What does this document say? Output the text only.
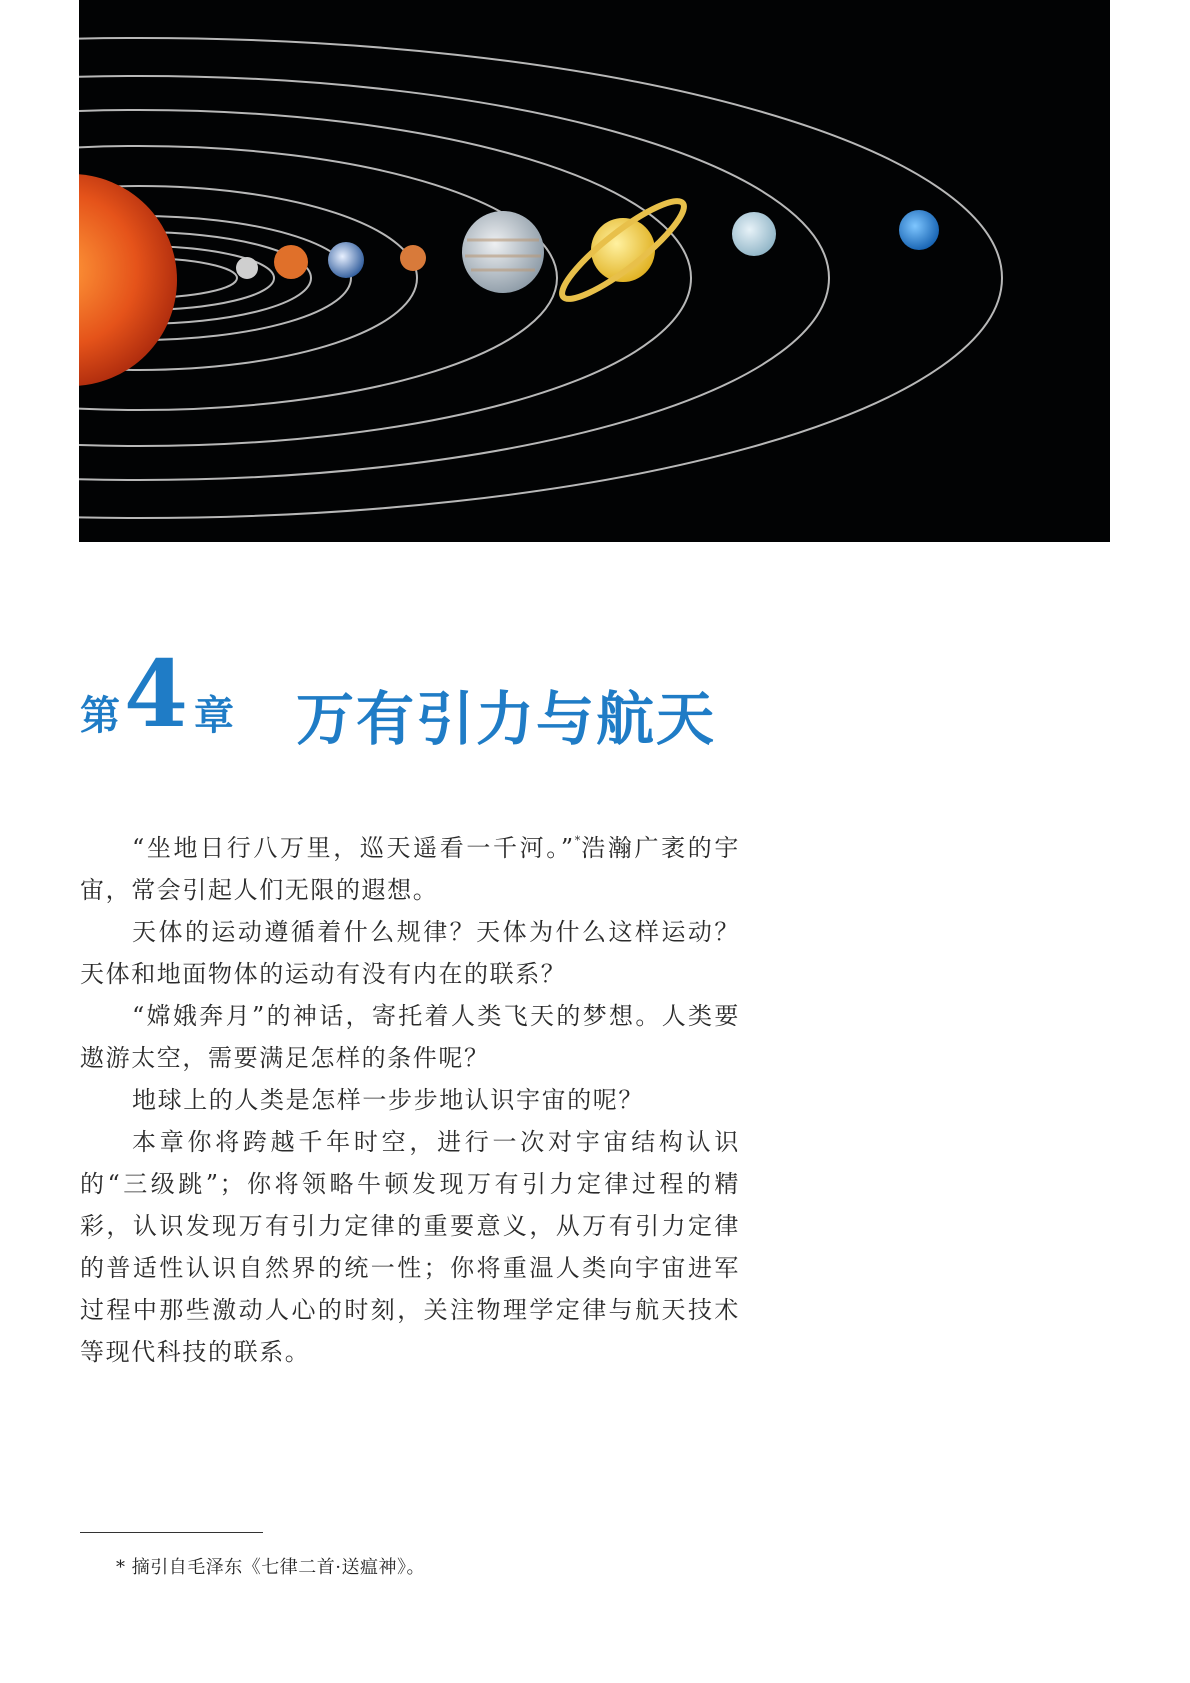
第 4 章 万有引力与航天

“坐地日行八万里，巡天遥看一千河。”*浩瀚广袤的宇宙，常会引起人们无限的遐想。

天体的运动遵循着什么规律？天体为什么这样运动？天体和地面物体的运动有没有内在的联系？

“嫦娥奔月”的神话，寄托着人类飞天的梦想。人类要遨游太空，需要满足怎样的条件呢？

地球上的人类是怎样一步步地认识宇宙的呢？

本章你将跨越千年时空，进行一次对宇宙结构认识的“三级跳”；你将领略牛顿发现万有引力定律过程的精彩，认识发现万有引力定律的重要意义，从万有引力定律的普适性认识自然界的统一性；你将重温人类向宇宙进军过程中那些激动人心的时刻，关注物理学定律与航天技术等现代科技的联系。

* 摘引自毛泽东《七律二首·送瘟神》。
